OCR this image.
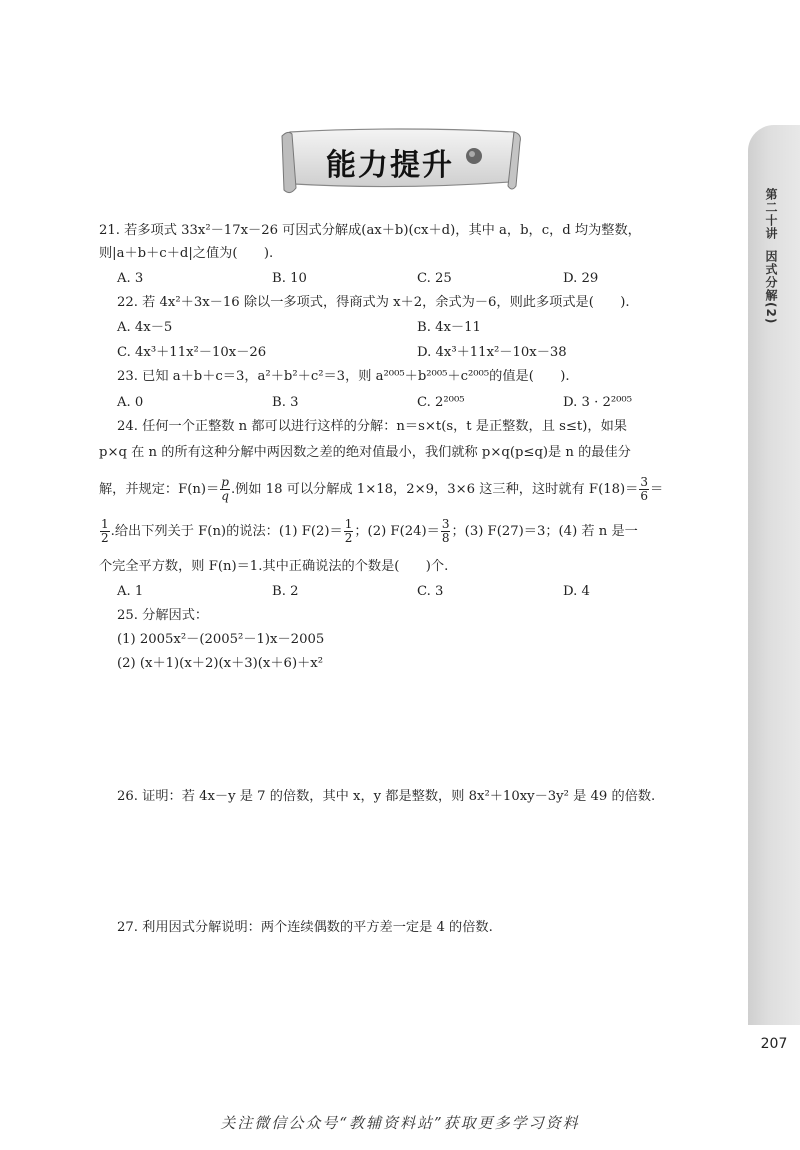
第二十讲因式分解(2)
207
能力提升
21. 若多项式 33x²－17x－26 可因式分解成(ax＋b)(cx＋d)，其中 a，b，c，d 均为整数，
则|a＋b＋c＋d|之值为(　　).
A. 3	B. 10	C. 25	D. 29
22. 若 4x²＋3x－16 除以一多项式，得商式为 x＋2，余式为－6，则此多项式是(　　).
A. 4x－5	B. 4x－11
C. 4x³＋11x²－10x－26	D. 4x³＋11x²－10x－38
23. 已知 a＋b＋c＝3，a²＋b²＋c²＝3，则 a²⁰⁰⁵＋b²⁰⁰⁵＋c²⁰⁰⁵的值是(　　).
A. 0	B. 3	C. 2²⁰⁰⁵	D. 3 · 2²⁰⁰⁵
24. 任何一个正整数 n 都可以进行这样的分解：n＝s×t(s，t 是正整数，且 s≤t)，如果
p×q 在 n 的所有这种分解中两因数之差的绝对值最小，我们就称 p×q(p≤q)是 n 的最佳分
解，并规定：$F(n)= \frac{p}{q}$ .例如 18 可以分解成 1×18，2×9，3×6 这三种，这时就有 $F(18)= \frac{3}{6}$ ＝
$\frac{1}{2}$ .给出下列关于 F(n)的说法：(1) $F(2)= \frac{1}{2}$ ；(2) $F(24)= \frac{3}{8}$ ；(3) F(27)＝3；(4) 若 n 是一
个完全平方数，则 F(n)＝1.其中正确说法的个数是(　　)个.
A. 1	B. 2	C. 3	D. 4
25. 分解因式：
(1) 2005x²－(2005²－1)x－2005
(2) (x＋1)(x＋2)(x＋3)(x＋6)＋x²
26. 证明：若 4x－y 是 7 的倍数，其中 x，y 都是整数，则 8x²＋10xy－3y² 是 49 的倍数.
27. 利用因式分解说明：两个连续偶数的平方差一定是 4 的倍数.
关注微信公众号“教辅资料站”获取更多学习资料
